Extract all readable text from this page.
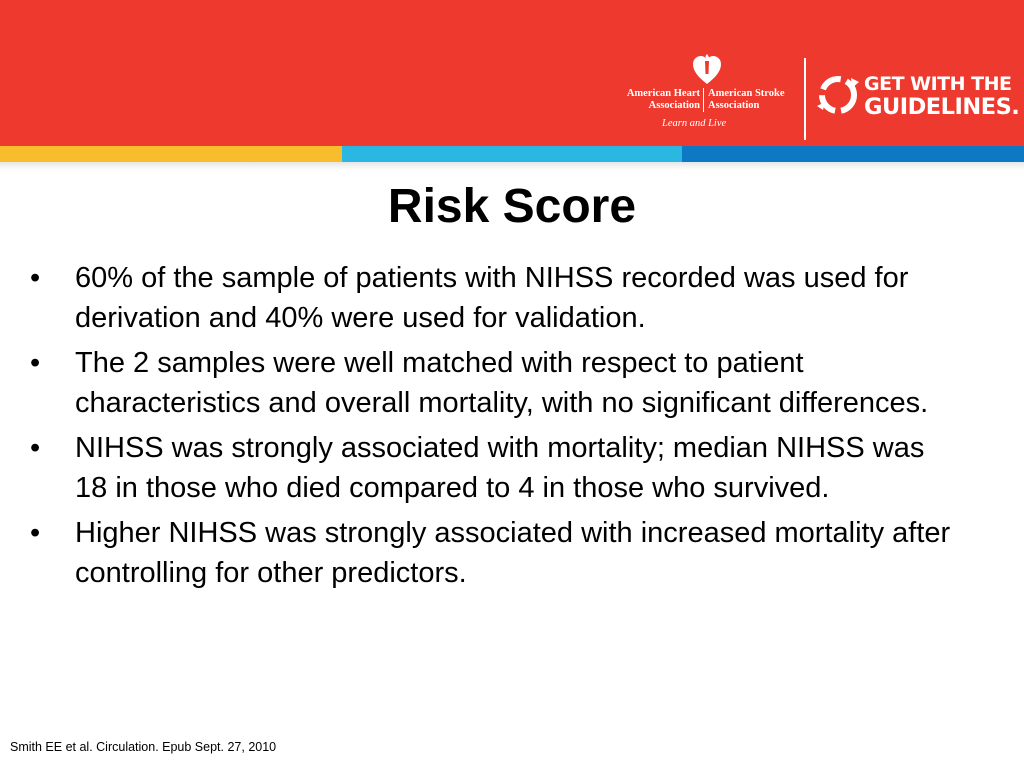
American Heart
Association
American Stroke
Association
Learn and Live
GET WITH THE
GUIDELINES.
Risk Score
• 60% of the sample of patients with NIHSS recorded was used for derivation and 40% were used for validation.
• The 2 samples were well matched with respect to patient characteristics and overall mortality, with no significant differences.
• NIHSS was strongly associated with mortality; median NIHSS was 18 in those who died compared to 4 in those who survived.
• Higher NIHSS was strongly associated with increased mortality after controlling for other predictors.
Smith EE et al. Circulation. Epub Sept. 27, 2010
